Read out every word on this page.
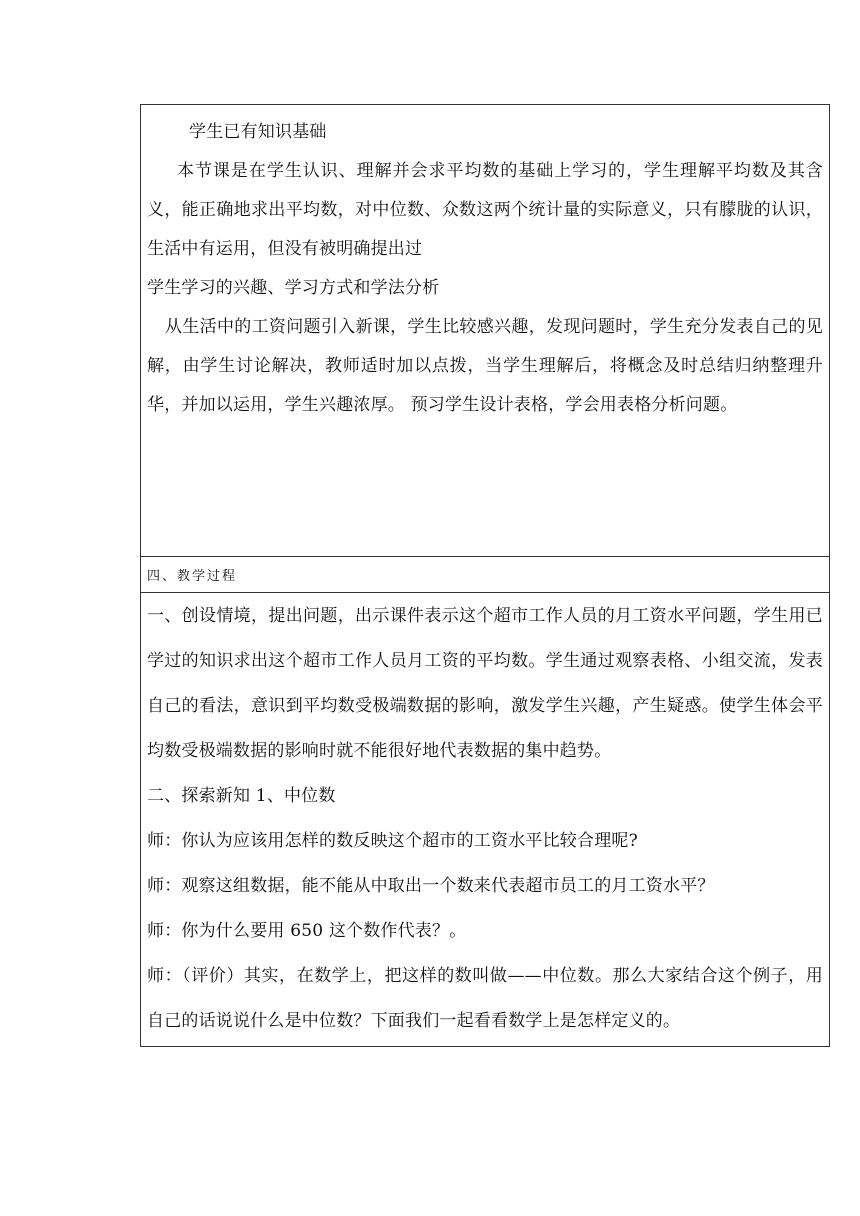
学生已有知识基础

本节课是在学生认识、理解并会求平均数的基础上学习的，学生理解平均数及其含义，能正确地求出平均数，对中位数、众数这两个统计量的实际意义，只有朦胧的认识，生活中有运用，但没有被明确提出过

学生学习的兴趣、学习方式和学法分析

从生活中的工资问题引入新课，学生比较感兴趣，发现问题时，学生充分发表自己的见解，由学生讨论解决，教师适时加以点拨，当学生理解后，将概念及时总结归纳整理升华，并加以运用，学生兴趣浓厚。 预习学生设计表格，学会用表格分析问题。

四、教学过程

一、创设情境，提出问题，出示课件表示这个超市工作人员的月工资水平问题，学生用已学过的知识求出这个超市工作人员月工资的平均数。学生通过观察表格、小组交流，发表自己的看法，意识到平均数受极端数据的影响，激发学生兴趣，产生疑惑。使学生体会平均数受极端数据的影响时就不能很好地代表数据的集中趋势。

二、探索新知 1、中位数

师：你认为应该用怎样的数反映这个超市的工资水平比较合理呢?

师：观察这组数据，能不能从中取出一个数来代表超市员工的月工资水平？

师：你为什么要用 650 这个数作代表？。

师：（评价）其实，在数学上，把这样的数叫做——中位数。那么大家结合这个例子，用自己的话说说什么是中位数？下面我们一起看看数学上是怎样定义的。
